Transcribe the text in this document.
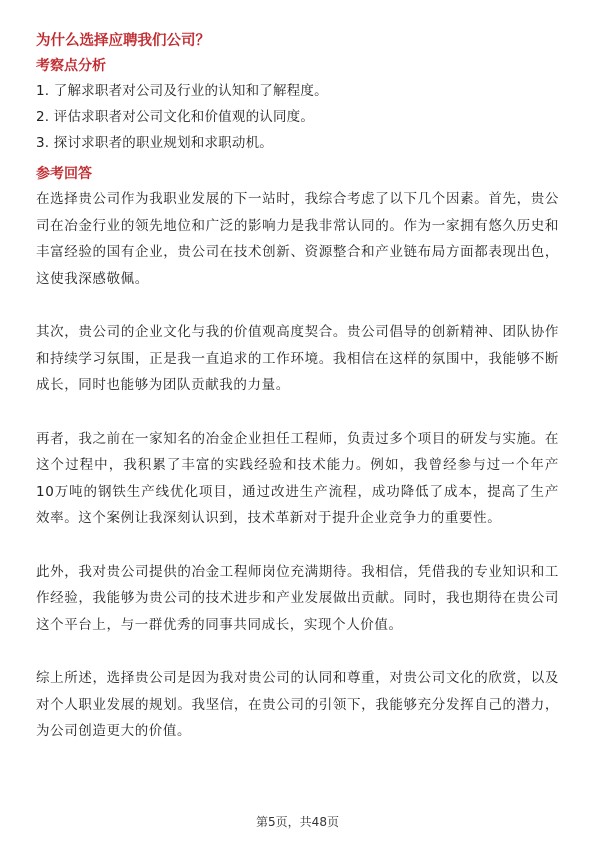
为什么选择应聘我们公司？
考察点分析
1. 了解求职者对公司及行业的认知和了解程度。
2. 评估求职者对公司文化和价值观的认同度。
3. 探讨求职者的职业规划和求职动机。
参考回答

在选择贵公司作为我职业发展的下一站时，我综合考虑了以下几个因素。首先，贵公司在冶金行业的领先地位和广泛的影响力是我非常认同的。作为一家拥有悠久历史和丰富经验的国有企业，贵公司在技术创新、资源整合和产业链布局方面都表现出色，这使我深感敬佩。

其次，贵公司的企业文化与我的价值观高度契合。贵公司倡导的创新精神、团队协作和持续学习氛围，正是我一直追求的工作环境。我相信在这样的氛围中，我能够不断成长，同时也能够为团队贡献我的力量。

再者，我之前在一家知名的冶金企业担任工程师，负责过多个项目的研发与实施。在这个过程中，我积累了丰富的实践经验和技术能力。例如，我曾经参与过一个年产10万吨的钢铁生产线优化项目，通过改进生产流程，成功降低了成本，提高了生产效率。这个案例让我深刻认识到，技术革新对于提升企业竞争力的重要性。

此外，我对贵公司提供的冶金工程师岗位充满期待。我相信，凭借我的专业知识和工作经验，我能够为贵公司的技术进步和产业发展做出贡献。同时，我也期待在贵公司这个平台上，与一群优秀的同事共同成长，实现个人价值。

综上所述，选择贵公司是因为我对贵公司的认同和尊重，对贵公司文化的欣赏，以及对个人职业发展的规划。我坚信，在贵公司的引领下，我能够充分发挥自己的潜力，为公司创造更大的价值。

第5页，共48页
